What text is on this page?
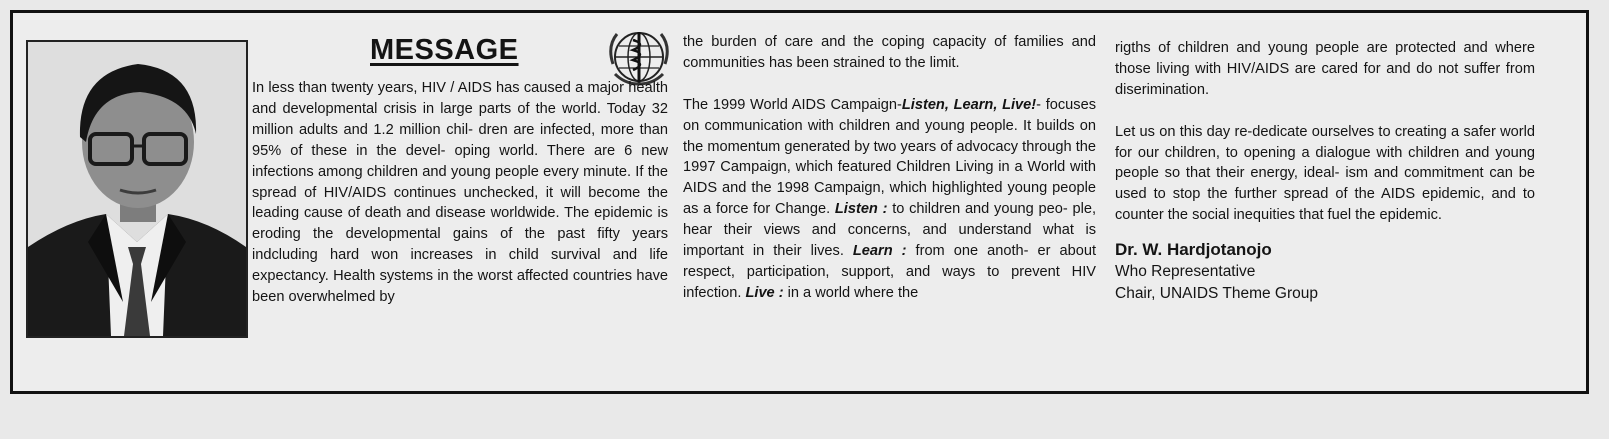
MESSAGE

In less than twenty years, HIV / AIDS has caused a major health and developmental crisis in large parts of the world. Today 32 million adults and 1.2 million chil- dren are infected, more than 95% of these in the devel- oping world. There are 6 new infections among children and young people every minute. If the spread of HIV/AIDS continues unchecked, it will become the leading cause of death and disease worldwide. The epidemic is eroding the developmental gains of the past fifty years indcluding hard won increases in child survival and life expectancy. Health systems in the worst affected countries have been overwhelmed by

the burden of care and the coping capacity of families and communities has been strained to the limit.

The 1999 World AIDS Campaign-Listen, Learn, Live!- focuses on communication with children and young people. It builds on the momentum generated by two years of advocacy through the 1997 Campaign, which featured Children Living in a World with AIDS and the 1998 Campaign, which highlighted young people as a force for Change. Listen : to children and young peo- ple, hear their views and concerns, and understand what is important in their lives. Learn : from one anoth- er about respect, participation, support, and ways to prevent HIV infection. Live : in a world where the

rigths of children and young people are protected and where those living with HIV/AIDS are cared for and do not suffer from diserimination.

Let us on this day re-dedicate ourselves to creating a safer world for our children, to opening a dialogue with children and young people so that their energy, ideal- ism and commitment can be used to stop the further spread of the AIDS epidemic, and to counter the social inequities that fuel the epidemic.

Dr. W. Hardjotanojo
Who Representative
Chair, UNAIDS Theme Group
